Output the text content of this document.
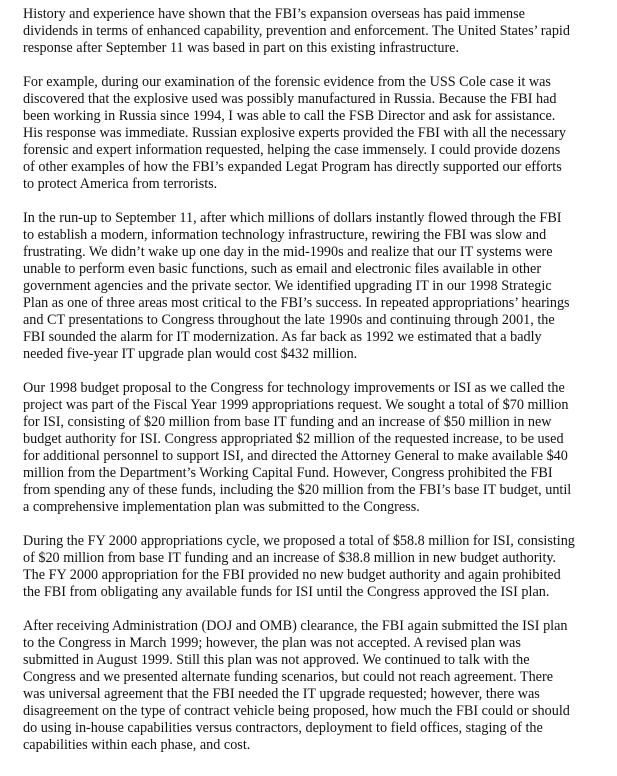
History and experience have shown that the FBI’s expansion overseas has paid immense
dividends in terms of enhanced capability, prevention and enforcement. The United States’ rapid
response after September 11 was based in part on this existing infrastructure.

For example, during our examination of the forensic evidence from the USS Cole case it was
discovered that the explosive used was possibly manufactured in Russia. Because the FBI had
been working in Russia since 1994, I was able to call the FSB Director and ask for assistance.
His response was immediate. Russian explosive experts provided the FBI with all the necessary
forensic and expert information requested, helping the case immensely. I could provide dozens
of other examples of how the FBI’s expanded Legat Program has directly supported our efforts
to protect America from terrorists.

In the run-up to September 11, after which millions of dollars instantly flowed through the FBI
to establish a modern, information technology infrastructure, rewiring the FBI was slow and
frustrating. We didn’t wake up one day in the mid-1990s and realize that our IT systems were
unable to perform even basic functions, such as email and electronic files available in other
government agencies and the private sector. We identified upgrading IT in our 1998 Strategic
Plan as one of three areas most critical to the FBI’s success. In repeated appropriations’ hearings
and CT presentations to Congress throughout the late 1990s and continuing through 2001, the
FBI sounded the alarm for IT modernization. As far back as 1992 we estimated that a badly
needed five-year IT upgrade plan would cost $432 million.

Our 1998 budget proposal to the Congress for technology improvements or ISI as we called the
project was part of the Fiscal Year 1999 appropriations request. We sought a total of $70 million
for ISI, consisting of $20 million from base IT funding and an increase of $50 million in new
budget authority for ISI. Congress appropriated $2 million of the requested increase, to be used
for additional personnel to support ISI, and directed the Attorney General to make available $40
million from the Department’s Working Capital Fund. However, Congress prohibited the FBI
from spending any of these funds, including the $20 million from the FBI’s base IT budget, until
a comprehensive implementation plan was submitted to the Congress.

During the FY 2000 appropriations cycle, we proposed a total of $58.8 million for ISI, consisting
of $20 million from base IT funding and an increase of $38.8 million in new budget authority.
The FY 2000 appropriation for the FBI provided no new budget authority and again prohibited
the FBI from obligating any available funds for ISI until the Congress approved the ISI plan.

After receiving Administration (DOJ and OMB) clearance, the FBI again submitted the ISI plan
to the Congress in March 1999; however, the plan was not accepted. A revised plan was
submitted in August 1999. Still this plan was not approved. We continued to talk with the
Congress and we presented alternate funding scenarios, but could not reach agreement. There
was universal agreement that the FBI needed the IT upgrade requested; however, there was
disagreement on the type of contract vehicle being proposed, how much the FBI could or should
do using in-house capabilities versus contractors, deployment to field offices, staging of the
capabilities within each phase, and cost.
